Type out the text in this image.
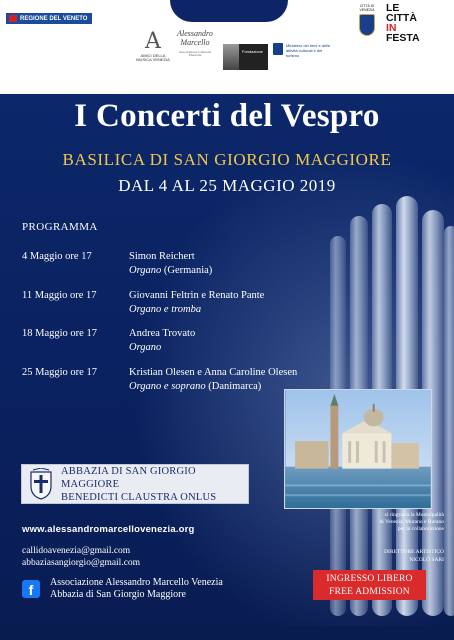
REGIONE DEL VENETO
A
AMICI DELLA MUSICA VENEZIA
Alessandro Marcello
Associazione Culturale Musicale
Fondazione
Ministero dei beni e delle attività culturali e del turismo
CITTÀ DI VENEZIA	LE
CITTÀ
IN
FESTA
I Concerti del Vespro
BASILICA DI SAN GIORGIO MAGGIORE
DAL 4 AL 25 MAGGIO 2019
PROGRAMMA
4 Maggio ore 17	Simon Reichert
Organo (Germania)
11 Maggio ore 17	Giovanni Feltrin e Renato Pante
Organo e tromba
18 Maggio ore 17	Andrea Trovato
Organo
25 Maggio ore 17	Kristian Olesen e Anna Caroline Olesen
Organo e soprano (Danimarca)
ABBAZIA DI SAN GIORGIO MAGGIORE
BENEDICTI CLAUSTRA ONLUS
www.alessandromarcellovenezia.org
callidoavenezia@gmail.com
abbaziasangiorgio@gmail.com
f	Associazione Alessandro Marcello Venezia
Abbazia di San Giorgio Maggiore
si ringrazia la Municipalità
di Venezia, Murano e Burano
per la collaborazione
DIRETTORE ARTISTICO
NICOLÒ SARI
INGRESSO LIBERO
FREE ADMISSION
